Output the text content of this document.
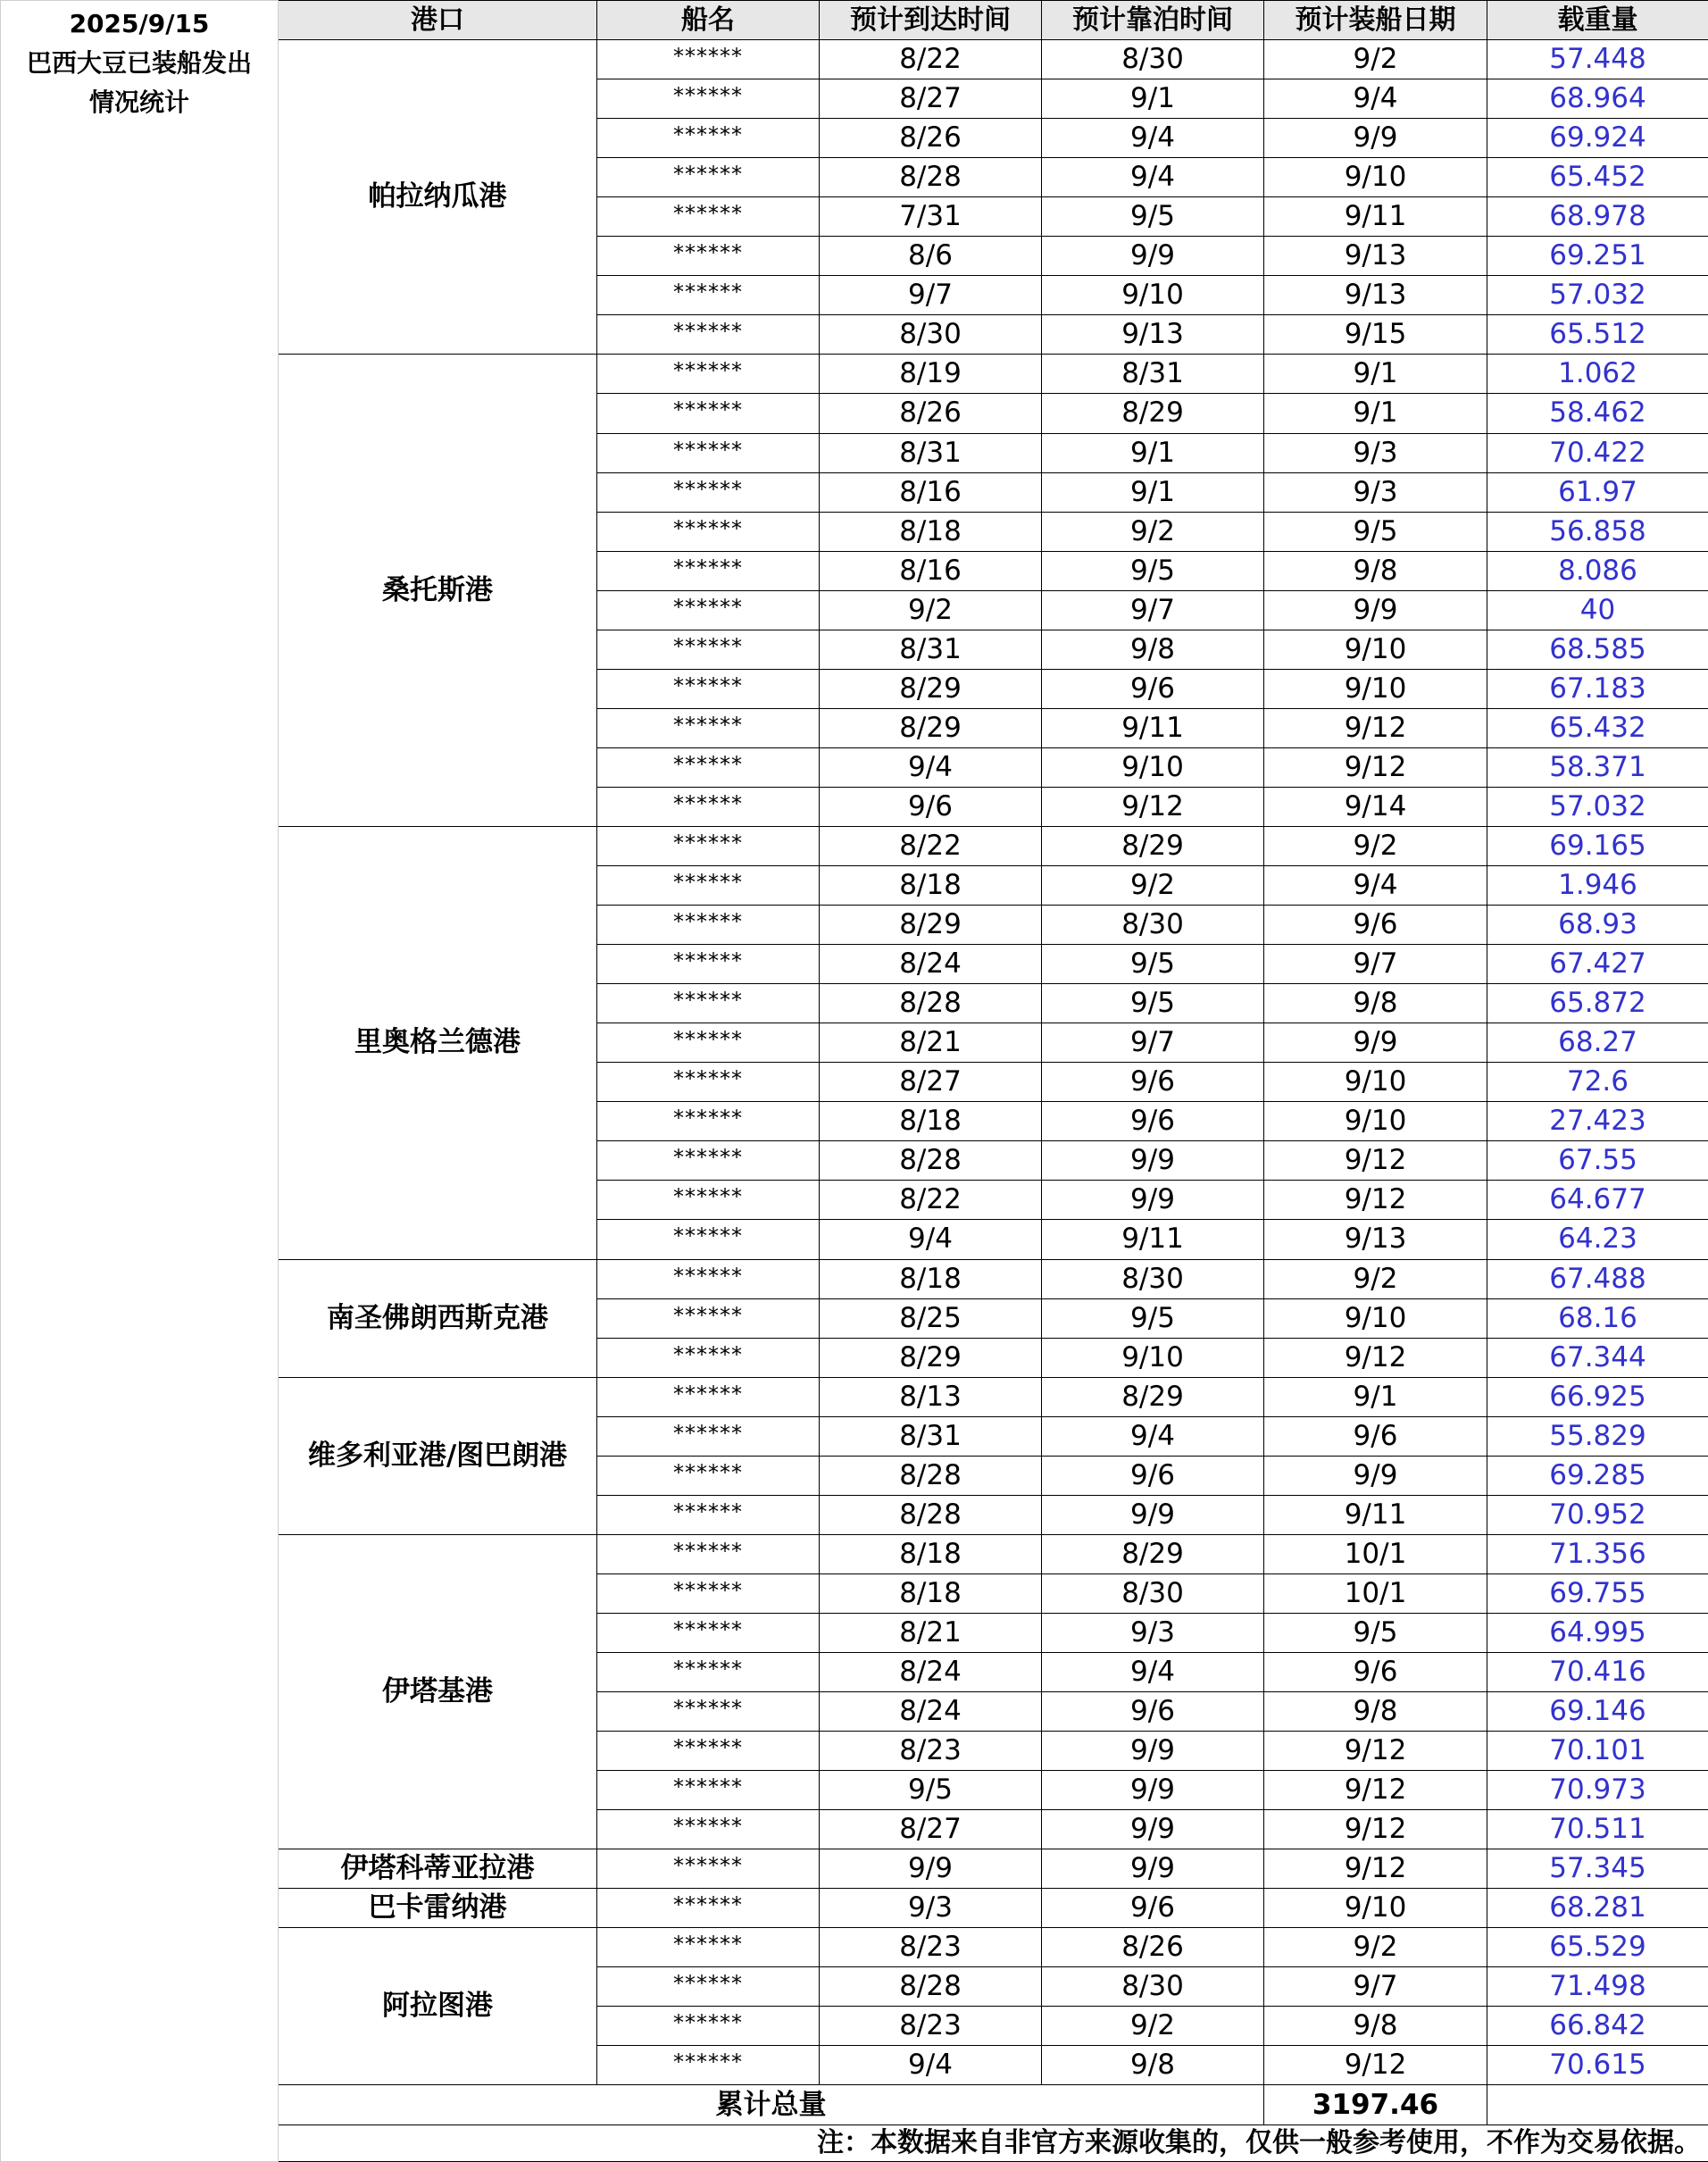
2025/9/15
巴西大豆已装船发出
情况统计	港口	船名	预计到达时间	预计靠泊时间	预计装船日期	载重量
	帕拉纳瓜港	******	8/22	8/30	9/2	57.448
		******	8/27	9/1	9/4	68.964
		******	8/26	9/4	9/9	69.924
		******	8/28	9/4	9/10	65.452
		******	7/31	9/5	9/11	68.978
		******	8/6	9/9	9/13	69.251
		******	9/7	9/10	9/13	57.032
		******	8/30	9/13	9/15	65.512
	桑托斯港	******	8/19	8/31	9/1	1.062
		******	8/26	8/29	9/1	58.462
		******	8/31	9/1	9/3	70.422
		******	8/16	9/1	9/3	61.97
		******	8/18	9/2	9/5	56.858
		******	8/16	9/5	9/8	8.086
		******	9/2	9/7	9/9	40
		******	8/31	9/8	9/10	68.585
		******	8/29	9/6	9/10	67.183
		******	8/29	9/11	9/12	65.432
		******	9/4	9/10	9/12	58.371
		******	9/6	9/12	9/14	57.032
	里奥格兰德港	******	8/22	8/29	9/2	69.165
		******	8/18	9/2	9/4	1.946
		******	8/29	8/30	9/6	68.93
		******	8/24	9/5	9/7	67.427
		******	8/28	9/5	9/8	65.872
		******	8/21	9/7	9/9	68.27
		******	8/27	9/6	9/10	72.6
		******	8/18	9/6	9/10	27.423
		******	8/28	9/9	9/12	67.55
		******	8/22	9/9	9/12	64.677
		******	9/4	9/11	9/13	64.23
	南圣佛朗西斯克港	******	8/18	8/30	9/2	67.488
		******	8/25	9/5	9/10	68.16
		******	8/29	9/10	9/12	67.344
	维多利亚港/图巴朗港	******	8/13	8/29	9/1	66.925
		******	8/31	9/4	9/6	55.829
		******	8/28	9/6	9/9	69.285
		******	8/28	9/9	9/11	70.952
	伊塔基港	******	8/18	8/29	10/1	71.356
		******	8/18	8/30	10/1	69.755
		******	8/21	9/3	9/5	64.995
		******	8/24	9/4	9/6	70.416
		******	8/24	9/6	9/8	69.146
		******	8/23	9/9	9/12	70.101
		******	9/5	9/9	9/12	70.973
		******	8/27	9/9	9/12	70.511
	伊塔科蒂亚拉港	******	9/9	9/9	9/12	57.345
	巴卡雷纳港	******	9/3	9/6	9/10	68.281
	阿拉图港	******	8/23	8/26	9/2	65.529
		******	8/28	8/30	9/7	71.498
		******	8/23	9/2	9/8	66.842
		******	9/4	9/8	9/12	70.615
	累计总量				3197.46	
	注：本数据来自非官方来源收集的，仅供一般参考使用，不作为交易依据。					
